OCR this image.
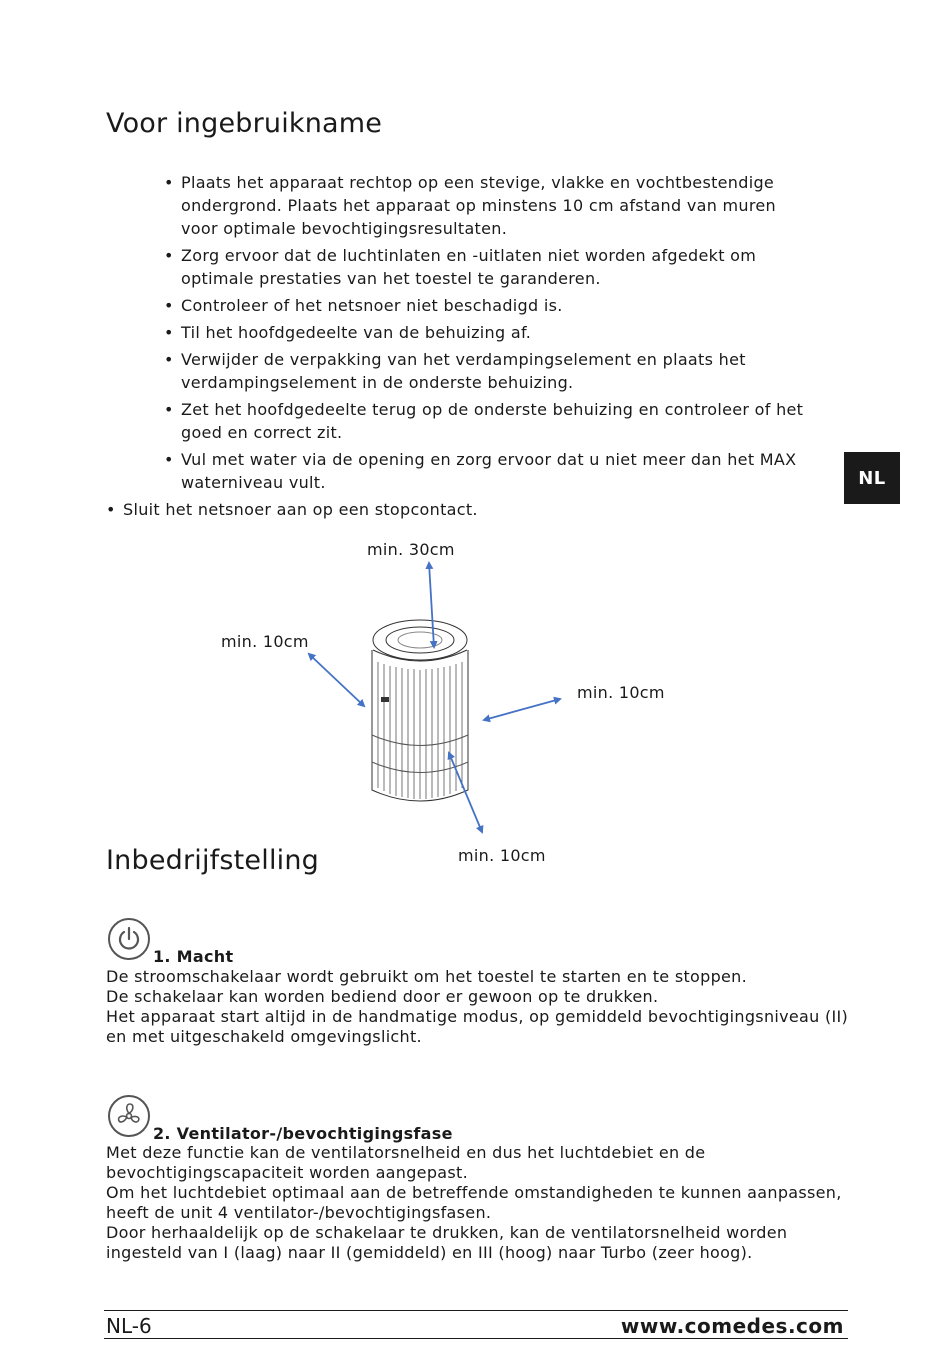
Voor ingebruikname
• Plaats het apparaat rechtop op een stevige, vlakke en vochtbestendige ondergrond. Plaats het apparaat op minstens 10 cm afstand van muren voor optimale bevochtigingsresultaten.
• Zorg ervoor dat de luchtinlaten en -uitlaten niet worden afgedekt om optimale prestaties van het toestel te garanderen.
• Controleer of het netsnoer niet beschadigd is.
• Til het hoofdgedeelte van de behuizing af.
• Verwijder de verpakking van het verdampingselement en plaats het verdampingselement in de onderste behuizing.
• Zet het hoofdgedeelte terug op de onderste behuizing en controleer of het goed en correct zit.
• Vul met water via de opening en zorg ervoor dat u niet meer dan het MAX waterniveau vult.
• Sluit het netsnoer aan op een stopcontact.
NL
min. 30cm
min. 10cm
min. 10cm
min. 10cm
Inbedrijfstelling
1. Macht

De stroomschakelaar wordt gebruikt om het toestel te starten en te stoppen.

De schakelaar kan worden bediend door er gewoon op te drukken.

Het apparaat start altijd in de handmatige modus, op gemiddeld bevochtigingsniveau (II) en met uitgeschakeld omgevingslicht.

2. Ventilator-/bevochtigingsfase

Met deze functie kan de ventilatorsnelheid en dus het luchtdebiet en de bevochtigingscapaciteit worden aangepast.

Om het luchtdebiet optimaal aan de betreffende omstandigheden te kunnen aanpassen, heeft de unit 4 ventilator-/bevochtigingsfasen.

Door herhaaldelijk op de schakelaar te drukken, kan de ventilatorsnelheid worden ingesteld van I (laag) naar II (gemiddeld) en III (hoog) naar Turbo (zeer hoog).

NL-6	www.comedes.com
